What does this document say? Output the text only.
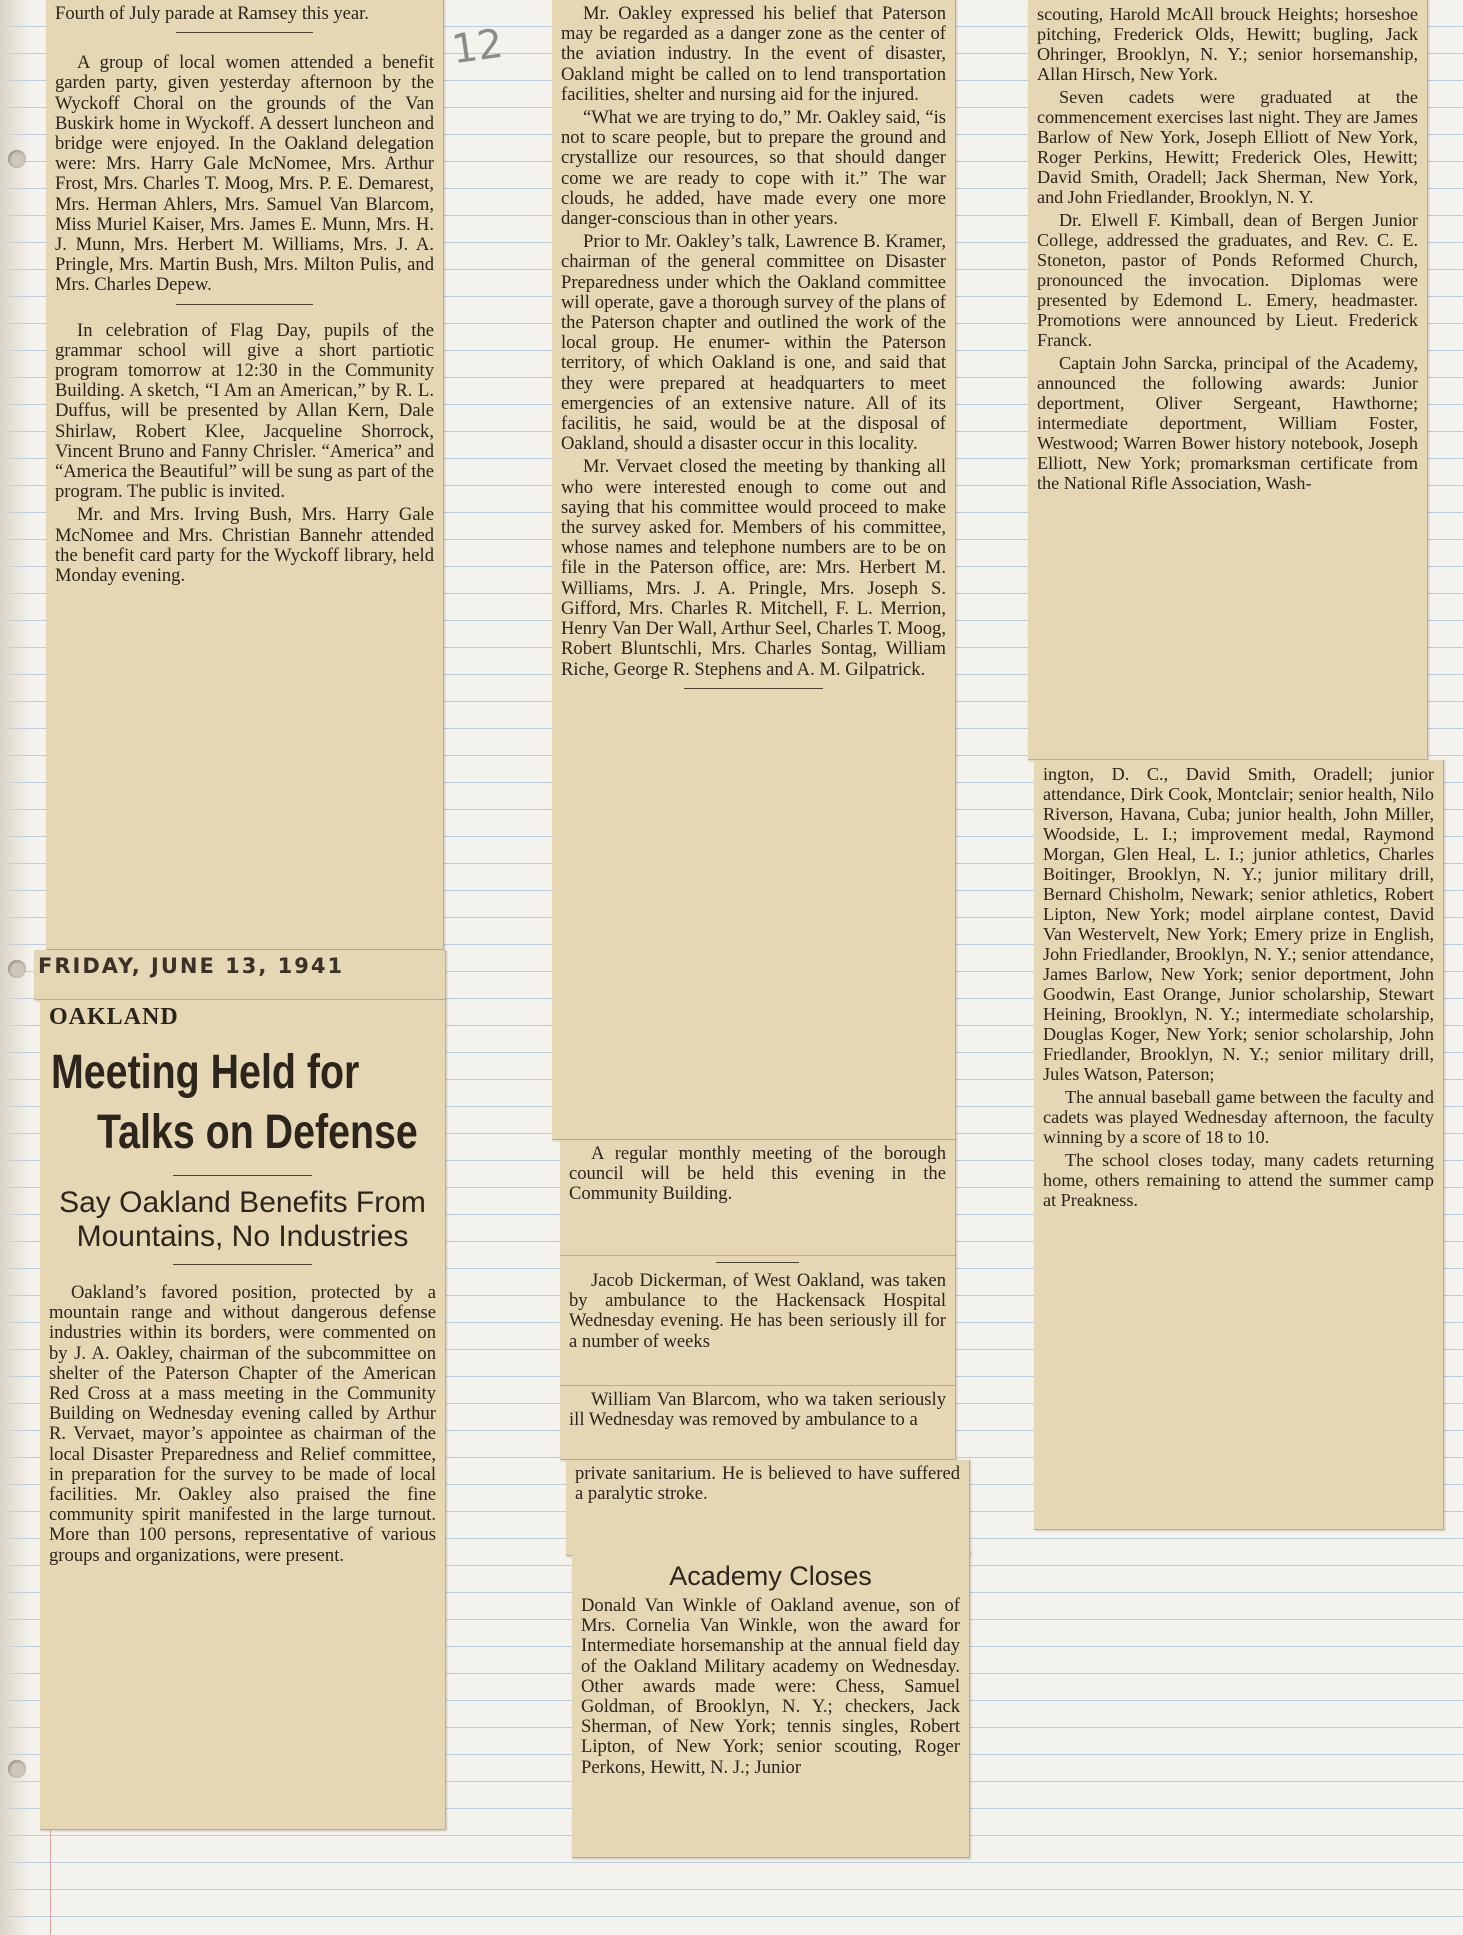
12

Fourth of July parade at Ramsey this year.

A group of local women attended a benefit garden party, given yesterday afternoon by the Wyckoff Choral on the grounds of the Van Buskirk home in Wyckoff. A dessert luncheon and bridge were enjoyed. In the Oakland delegation were: Mrs. Harry Gale McNomee, Mrs. Arthur Frost, Mrs. Charles T. Moog, Mrs. P. E. Demarest, Mrs. Herman Ahlers, Mrs. Samuel Van Blarcom, Miss Muriel Kaiser, Mrs. James E. Munn, Mrs. H. J. Munn, Mrs. Herbert M. Williams, Mrs. J. A. Pringle, Mrs. Martin Bush, Mrs. Milton Pulis, and Mrs. Charles Depew.

In celebration of Flag Day, pupils of the grammar school will give a short partiotic program tomorrow at 12:30 in the Community Building. A sketch, “I Am an American,” by R. L. Duffus, will be presented by Allan Kern, Dale Shirlaw, Robert Klee, Jacqueline Shorrock, Vincent Bruno and Fanny Chrisler. “America” and “America the Beautiful” will be sung as part of the program. The public is invited.

Mr. and Mrs. Irving Bush, Mrs. Harry Gale McNomee and Mrs. Christian Bannehr attended the benefit card party for the Wyckoff library, held Monday evening.

FRIDAY, JUNE 13, 1941
OAKLAND
Meeting Held for
Talks on Defense
Say Oakland Benefits From Mountains, No Industries

Oakland’s favored position, protected by a mountain range and without dangerous defense industries within its borders, were commented on by J. A. Oakley, chairman of the subcommittee on shelter of the Paterson Chapter of the American Red Cross at a mass meeting in the Community Building on Wednesday evening called by Arthur R. Vervaet, mayor’s appointee as chairman of the local Disaster Preparedness and Relief committee, in preparation for the survey to be made of local facilities. Mr. Oakley also praised the fine community spirit manifested in the large turnout. More than 100 persons, representative of various groups and organizations, were present.

Mr. Oakley expressed his belief that Paterson may be regarded as a danger zone as the center of the aviation industry. In the event of disaster, Oakland might be called on to lend transportation facilities, shelter and nursing aid for the injured.

“What we are trying to do,” Mr. Oakley said, “is not to scare people, but to prepare the ground and crystallize our resources, so that should danger come we are ready to cope with it.” The war clouds, he added, have made every one more danger-conscious than in other years.

Prior to Mr. Oakley’s talk, Lawrence B. Kramer, chairman of the general committee on Disaster Preparedness under which the Oakland committee will operate, gave a thorough survey of the plans of the Paterson chapter and outlined the work of the local group. He enumer- within the Paterson territory, of which Oakland is one, and said that they were prepared at headquarters to meet emergencies of an extensive nature. All of its facilitis, he said, would be at the disposal of Oakland, should a disaster occur in this locality.

Mr. Vervaet closed the meeting by thanking all who were interested enough to come out and saying that his committee would proceed to make the survey asked for. Members of his committee, whose names and telephone numbers are to be on file in the Paterson office, are: Mrs. Herbert M. Williams, Mrs. J. A. Pringle, Mrs. Joseph S. Gifford, Mrs. Charles R. Mitchell, F. L. Merrion, Henry Van Der Wall, Arthur Seel, Charles T. Moog, Robert Bluntschli, Mrs. Charles Sontag, William Riche, George R. Stephens and A. M. Gilpatrick.

A regular monthly meeting of the borough council will be held this evening in the Community Building.

Jacob Dickerman, of West Oakland, was taken by ambulance to the Hackensack Hospital Wednesday evening. He has been seriously ill for a number of weeks

William Van Blarcom, who wa taken seriously ill Wednesday was removed by ambulance to a

private sanitarium. He is believed to have suffered a paralytic stroke.

Academy Closes

Donald Van Winkle of Oakland avenue, son of Mrs. Cornelia Van Winkle, won the award for Intermediate horsemanship at the annual field day of the Oakland Military academy on Wednesday. Other awards made were: Chess, Samuel Goldman, of Brooklyn, N. Y.; checkers, Jack Sherman, of New York; tennis singles, Robert Lipton, of New York; senior scouting, Roger Perkons, Hewitt, N. J.; Junior

scouting, Harold McAll brouck Heights; horseshoe pitching, Frederick Olds, Hewitt; bugling, Jack Ohringer, Brooklyn, N. Y.; senior horsemanship, Allan Hirsch, New York.

Seven cadets were graduated at the commencement exercises last night. They are James Barlow of New York, Joseph Elliott of New York, Roger Perkins, Hewitt; Frederick Oles, Hewitt; David Smith, Oradell; Jack Sherman, New York, and John Friedlander, Brooklyn, N. Y.

Dr. Elwell F. Kimball, dean of Bergen Junior College, addressed the graduates, and Rev. C. E. Stoneton, pastor of Ponds Reformed Church, pronounced the invocation. Diplomas were presented by Edemond L. Emery, headmaster. Promotions were announced by Lieut. Frederick Franck.

Captain John Sarcka, principal of the Academy, announced the following awards: Junior deportment, Oliver Sergeant, Hawthorne; intermediate deportment, William Foster, Westwood; Warren Bower history notebook, Joseph Elliott, New York; promarksman certificate from the National Rifle Association, Wash-

ington, D. C., David Smith, Oradell; junior attendance, Dirk Cook, Montclair; senior health, Nilo Riverson, Havana, Cuba; junior health, John Miller, Woodside, L. I.; improvement medal, Raymond Morgan, Glen Heal, L. I.; junior athletics, Charles Boitinger, Brooklyn, N. Y.; junior military drill, Bernard Chisholm, Newark; senior athletics, Robert Lipton, New York; model airplane contest, David Van Westervelt, New York; Emery prize in English, John Friedlander, Brooklyn, N. Y.; senior attendance, James Barlow, New York; senior deportment, John Goodwin, East Orange, Junior scholarship, Stewart Heining, Brooklyn, N. Y.; intermediate scholarship, Douglas Koger, New York; senior scholarship, John Friedlander, Brooklyn, N. Y.; senior military drill, Jules Watson, Paterson;

The annual baseball game between the faculty and cadets was played Wednesday afternoon, the faculty winning by a score of 18 to 10.

The school closes today, many cadets returning home, others remaining to attend the summer camp at Preakness.
